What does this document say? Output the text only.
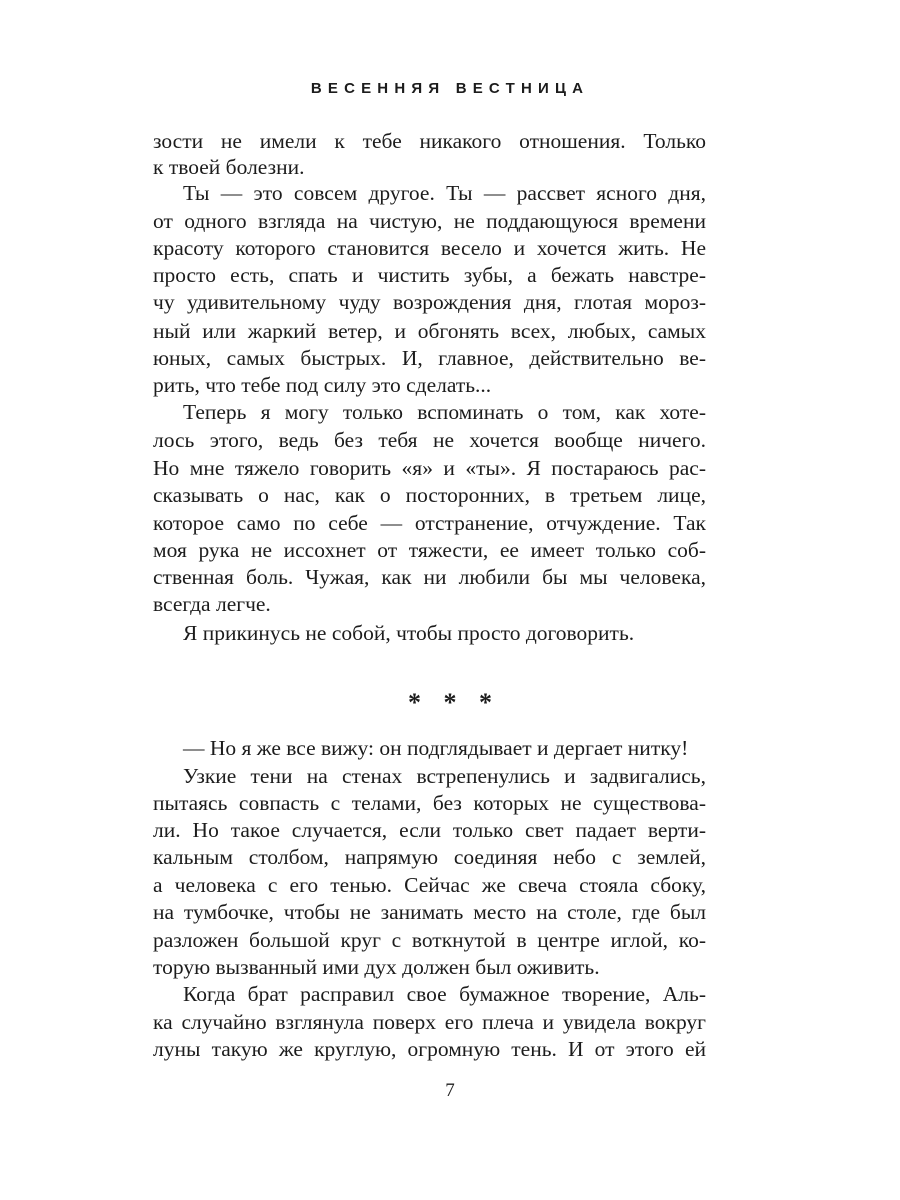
ВЕСЕННЯЯ ВЕСТНИЦА
зости не имели к тебе никакого отношения. Только
к твоей болезни.
Ты — это совсем другое. Ты — рассвет ясного дня,
от одного взгляда на чистую, не поддающуюся времени
красоту которого становится весело и хочется жить. Не
просто есть, спать и чистить зубы, а бежать навстре-
чу удивительному чуду возрождения дня, глотая мороз-
ный или жаркий ветер, и обгонять всех, любых, самых
юных, самых быстрых. И, главное, действительно ве-
рить, что тебе под силу это сделать...
Теперь я могу только вспоминать о том, как хоте-
лось этого, ведь без тебя не хочется вообще ничего.
Но мне тяжело говорить «я» и «ты». Я постараюсь рас-
сказывать о нас, как о посторонних, в третьем лице,
которое само по себе — отстранение, отчуждение. Так
моя рука не иссохнет от тяжести, ее имеет только соб-
ственная боль. Чужая, как ни любили бы мы человека,
всегда легче.
Я прикинусь не собой, чтобы просто договорить.
* * *
— Но я же все вижу: он подглядывает и дергает нитку!
Узкие тени на стенах встрепенулись и задвигались,
пытаясь совпасть с телами, без которых не существова-
ли. Но такое случается, если только свет падает верти-
кальным столбом, напрямую соединяя небо с землей,
а человека с его тенью. Сейчас же свеча стояла сбоку,
на тумбочке, чтобы не занимать место на столе, где был
разложен большой круг с воткнутой в центре иглой, ко-
торую вызванный ими дух должен был оживить.
Когда брат расправил свое бумажное творение, Аль-
ка случайно взглянула поверх его плеча и увидела вокруг
луны такую же круглую, огромную тень. И от этого ей
7
